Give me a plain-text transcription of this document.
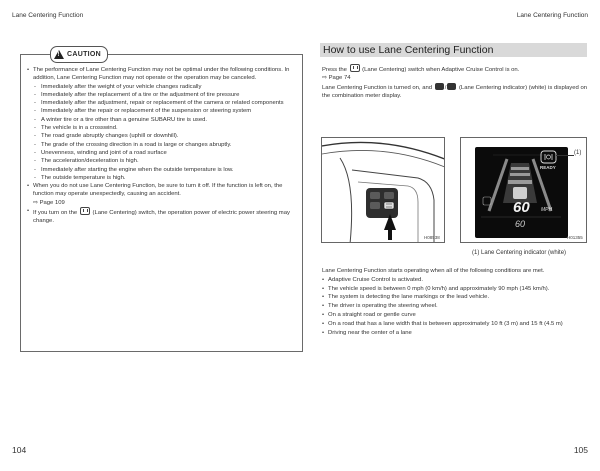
Lane Centering Function	Lane Centering Function
!
CAUTION
• The performance of Lane Centering Function may not be optimal under the following conditions. In addition, Lane Centering Function may not operate or the operation may be canceled.
- Immediately after the weight of your vehicle changes radically
- Immediately after the replacement of a tire or the adjustment of tire pressure
- Immediately after the adjustment, repair or replacement of the camera or related components
- Immediately after the repair or replacement of the suspension or steering system
- A winter tire or a tire other than a genuine SUBARU tire is used.
- The vehicle is in a crosswind.
- The road grade abruptly changes (uphill or downhill).
- The grade of the crossing direction in a road is large or changes abruptly.
- Unevenness, winding and joint of a road surface
- The acceleration/deceleration is high.
- Immediately after starting the engine when the outside temperature is low.
- The outside temperature is high.
• When you do not use Lane Centering Function, be sure to turn it off. If the function is left on, the function may operate unexpectedly, causing an accident.
⇨ Page 109
• If you turn on the	(Lane Centering) switch, the operation power of electric power steering may change.
104
How to use Lane Centering Function
Press the	(Lane Centering) switch when Adaptive Cruise Control is on.
⇨ Page 74
Lane Centering Function is turned on, and / (Lane Centering indicator) (white) is displayed on the combination meter display.
H08538
READY
60 MPH
60
(1)
H01355
(1) Lane Centering indicator (white)
Lane Centering Function starts operating when all of the following conditions are met.
• Adaptive Cruise Control is activated.
• The vehicle speed is between 0 mph (0 km/h) and approximately 90 mph (145 km/h).
• The system is detecting the lane markings or the lead vehicle.
• The driver is operating the steering wheel.
• On a straight road or gentle curve
• On a road that has a lane width that is between approximately 10 ft (3 m) and 15 ft (4.5 m)
• Driving near the center of a lane
105
